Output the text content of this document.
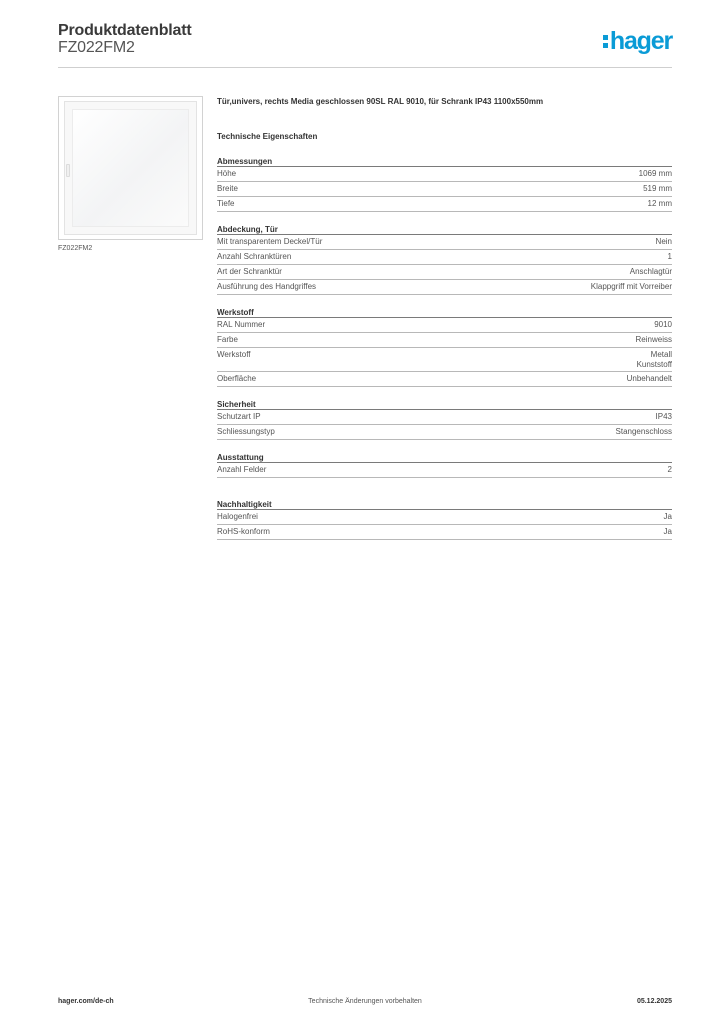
Produktdatenblatt
FZ022FM2	hager
FZ022FM2
Tür,univers, rechts Media geschlossen 90SL RAL 9010, für Schrank IP43 1100x550mm
Technische Eigenschaften
Abmessungen
Höhe	1069 mm
Breite	519 mm
Tiefe	12 mm
Abdeckung, Tür
Mit transparentem Deckel/Tür	Nein
Anzahl Schranktüren	1
Art der Schranktür	Anschlagtür
Ausführung des Handgriffes	Klappgriff mit Vorreiber
Werkstoff
RAL Nummer	9010
Farbe	Reinweiss
Werkstoff	Metall
Kunststoff
Oberfläche	Unbehandelt
Sicherheit
Schutzart IP	IP43
Schliessungstyp	Stangenschloss
Ausstattung
Anzahl Felder	2
Nachhaltigkeit
Halogenfrei	Ja
RoHS-konform	Ja
hager.com/de-ch	Technische Änderungen vorbehalten	05.12.2025
